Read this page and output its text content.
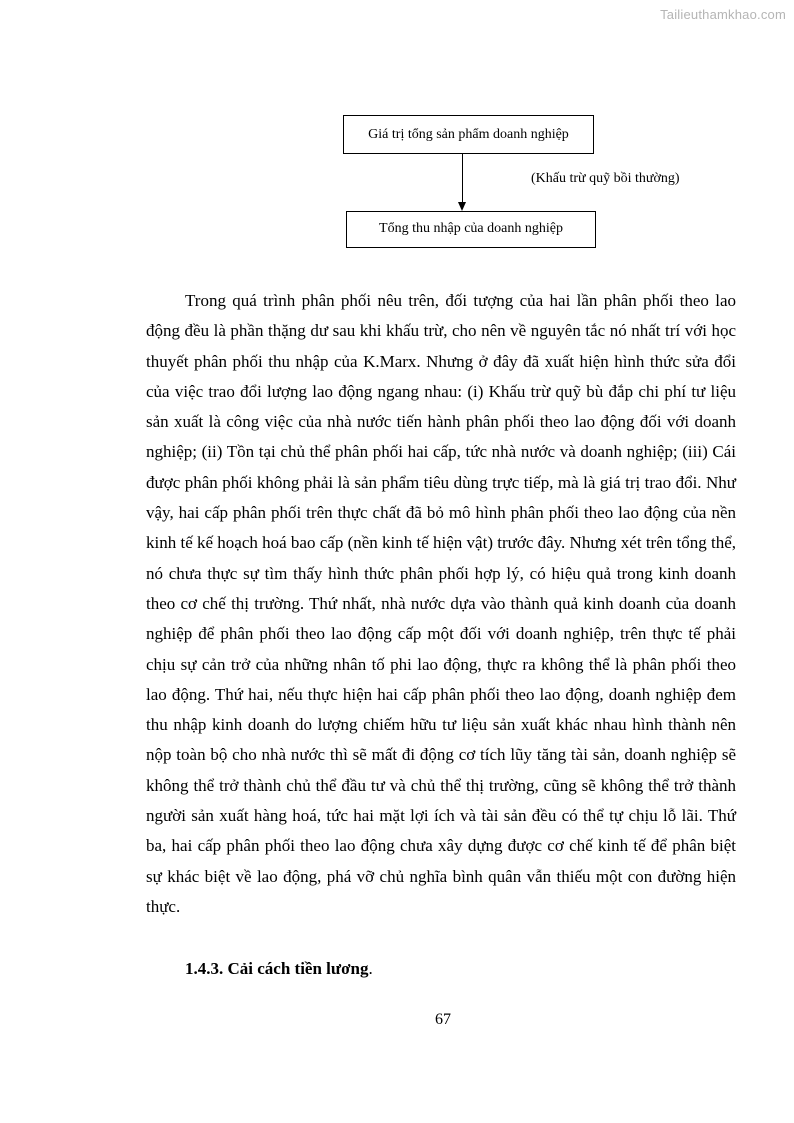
Tailieuthamkhao.com
Giá trị tổng sản phẩm doanh nghiệp
(Khấu trừ quỹ bồi thường)
Tổng thu nhập của doanh nghiệp

Trong quá trình phân phối nêu trên, đối tượng của hai lần phân phối theo lao động đều là phần thặng dư sau khi khấu trừ, cho nên về nguyên tắc nó nhất trí với học thuyết phân phối thu nhập của K.Marx. Nhưng ở đây đã xuất hiện hình thức sửa đổi của việc trao đổi lượng lao động ngang nhau: (i) Khấu trừ quỹ bù đắp chi phí tư liệu sản xuất là công việc của nhà nước tiến hành phân phối theo lao động đối với doanh nghiệp; (ii) Tồn tại chủ thể phân phối hai cấp, tức nhà nước và doanh nghiệp; (iii) Cái được phân phối không phải là sản phẩm tiêu dùng trực tiếp, mà là giá trị trao đổi. Như vậy, hai cấp phân phối trên thực chất đã bỏ mô hình phân phối theo lao động của nền kinh tế kế hoạch hoá bao cấp (nền kinh tế hiện vật) trước đây. Nhưng xét trên tổng thể, nó chưa thực sự tìm thấy hình thức phân phối hợp lý, có hiệu quả trong kinh doanh theo cơ chế thị trường. Thứ nhất, nhà nước dựa vào thành quả kinh doanh của doanh nghiệp để phân phối theo lao động cấp một đối với doanh nghiệp, trên thực tế phải chịu sự cản trở của những nhân tố phi lao động, thực ra không thể là phân phối theo lao động. Thứ hai, nếu thực hiện hai cấp phân phối theo lao động, doanh nghiệp đem thu nhập kinh doanh do lượng chiếm hữu tư liệu sản xuất khác nhau hình thành nên nộp toàn bộ cho nhà nước thì sẽ mất đi động cơ tích lũy tăng tài sản, doanh nghiệp sẽ không thể trở thành chủ thể đầu tư và chủ thể thị trường, cũng sẽ không thể trở thành người sản xuất hàng hoá, tức hai mặt lợi ích và tài sản đều có thể tự chịu lỗ lãi. Thứ ba, hai cấp phân phối theo lao động chưa xây dựng được cơ chế kinh tế để phân biệt sự khác biệt về lao động, phá vỡ chủ nghĩa bình quân vẫn thiếu một con đường hiện thực.

1.4.3. Cải cách tiền lương.

67
